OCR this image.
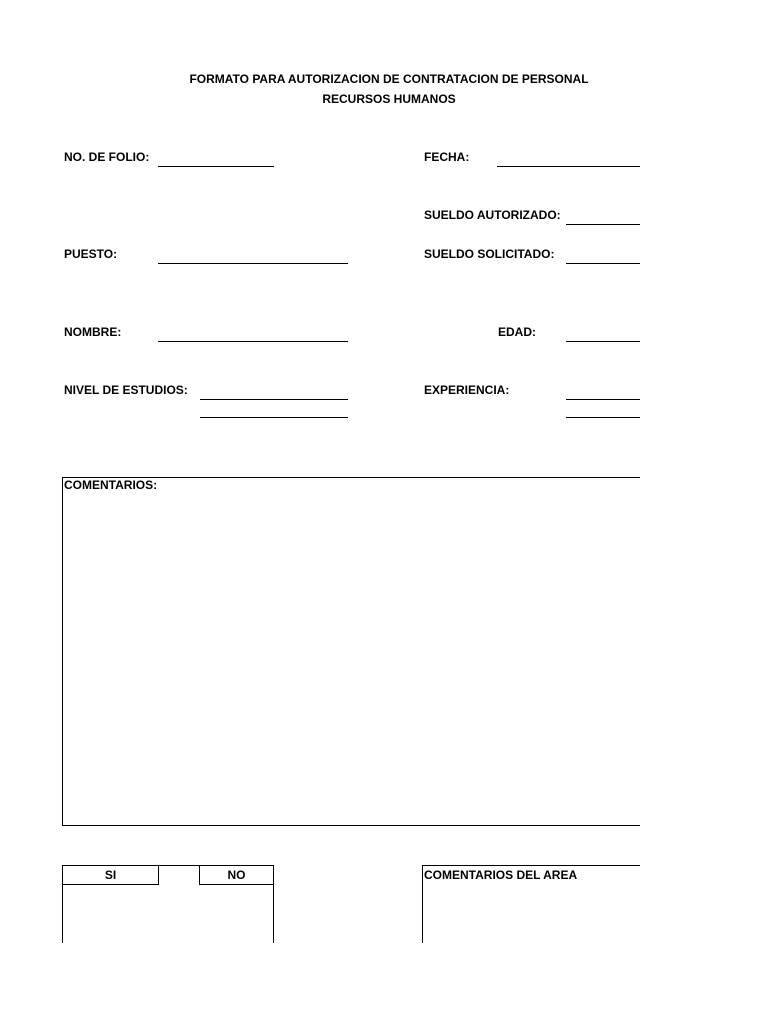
FORMATO PARA AUTORIZACION DE CONTRATACION DE PERSONAL
RECURSOS HUMANOS
NO. DE FOLIO:	FECHA:
SUELDO AUTORIZADO:
PUESTO:	SUELDO SOLICITADO:
NOMBRE:	EDAD:
NIVEL DE ESTUDIOS:	EXPERIENCIA:
COMENTARIOS:
SI	NO	COMENTARIOS DEL AREA
